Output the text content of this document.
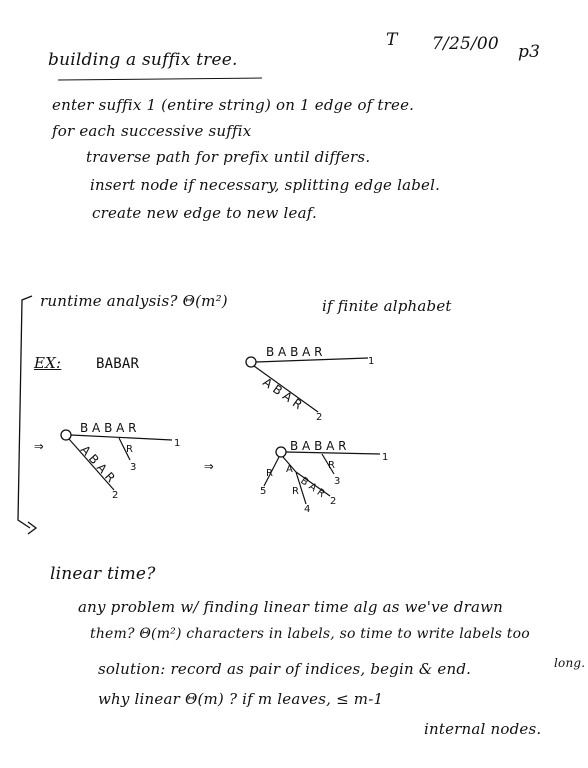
T 7/25/00 p3
building a suffix tree.
enter suffix 1 (entire string) on 1 edge of tree.
for each successive suffix
traverse path for prefix until differs.
insert node if necessary, splitting edge label.
create new edge to new leaf.
runtime analysis? Θ(m²)	if finite alphabet
EX: BABAR
⇒
⇒
B A B A R
A B A R
1
2
B A B A R
A B A R R
1
2
3
B A B A R
A
B A R
R
R
R
1
2
3
4
5
linear time?
any problem w/ finding linear time alg as we've drawn
them? Θ(m²) characters in labels, so time to write labels too
long.
solution: record as pair of indices, begin & end.
why linear Θ(m) ? if m leaves, ≤ m-1
internal nodes.
